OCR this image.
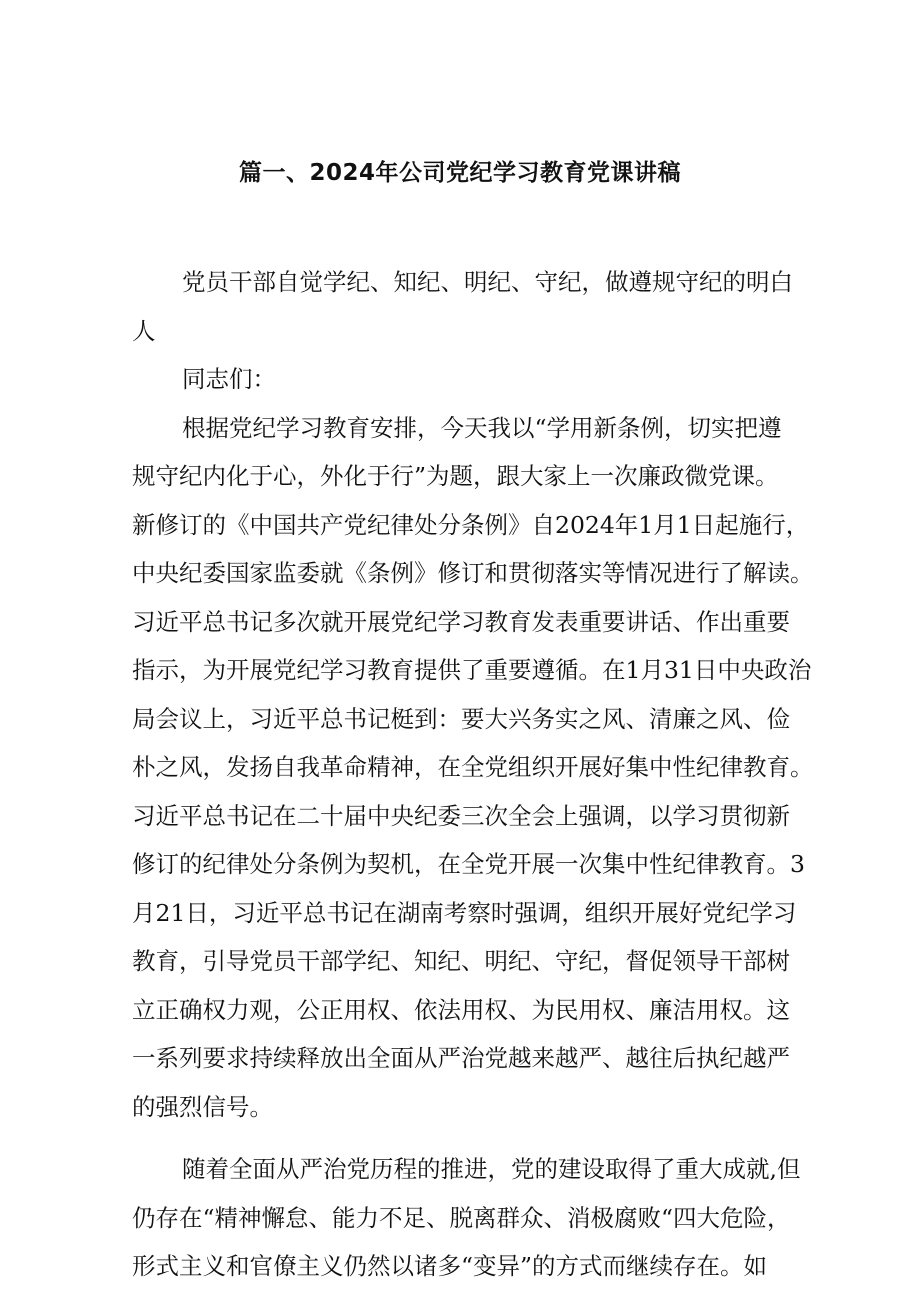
篇一、2024年公司党纪学习教育党课讲稿
党员干部自觉学纪、知纪、明纪、守纪，做遵规守纪的明白
人
同志们：
根据党纪学习教育安排，今天我以“学用新条例，切实把遵
规守纪内化于心，外化于行”为题，跟大家上一次廉政微党课。
新修订的《中国共产党纪律处分条例》自2024年1月1日起施行，
中央纪委国家监委就《条例》修订和贯彻落实等情况进行了解读。
习近平总书记多次就开展党纪学习教育发表重要讲话、作出重要
指示，为开展党纪学习教育提供了重要遵循。在1月31日中央政治
局会议上，习近平总书记梃到：要大兴务实之风、清廉之风、俭
朴之风，发扬自我革命精神，在全党组织开展好集中性纪律教育。
习近平总书记在二十届中央纪委三次全会上强调，以学习贯彻新
修订的纪律处分条例为契机，在全党开展一次集中性纪律教育。3
月21日，习近平总书记在湖南考察时强调，组织开展好党纪学习
教育，引导党员干部学纪、知纪、明纪、守纪，督促领导干部树
立正确权力观，公正用权、依法用权、为民用权、廉洁用权。这
一系列要求持续释放出全面从严治党越来越严、越往后执纪越严
的强烈信号。
随着全面从严治党历程的推进，党的建设取得了重大成就,但
仍存在“精神懈怠、能力不足、脱离群众、消极腐败“四大危险，
形式主义和官僚主义仍然以诸多“变异”的方式而继续存在。如
